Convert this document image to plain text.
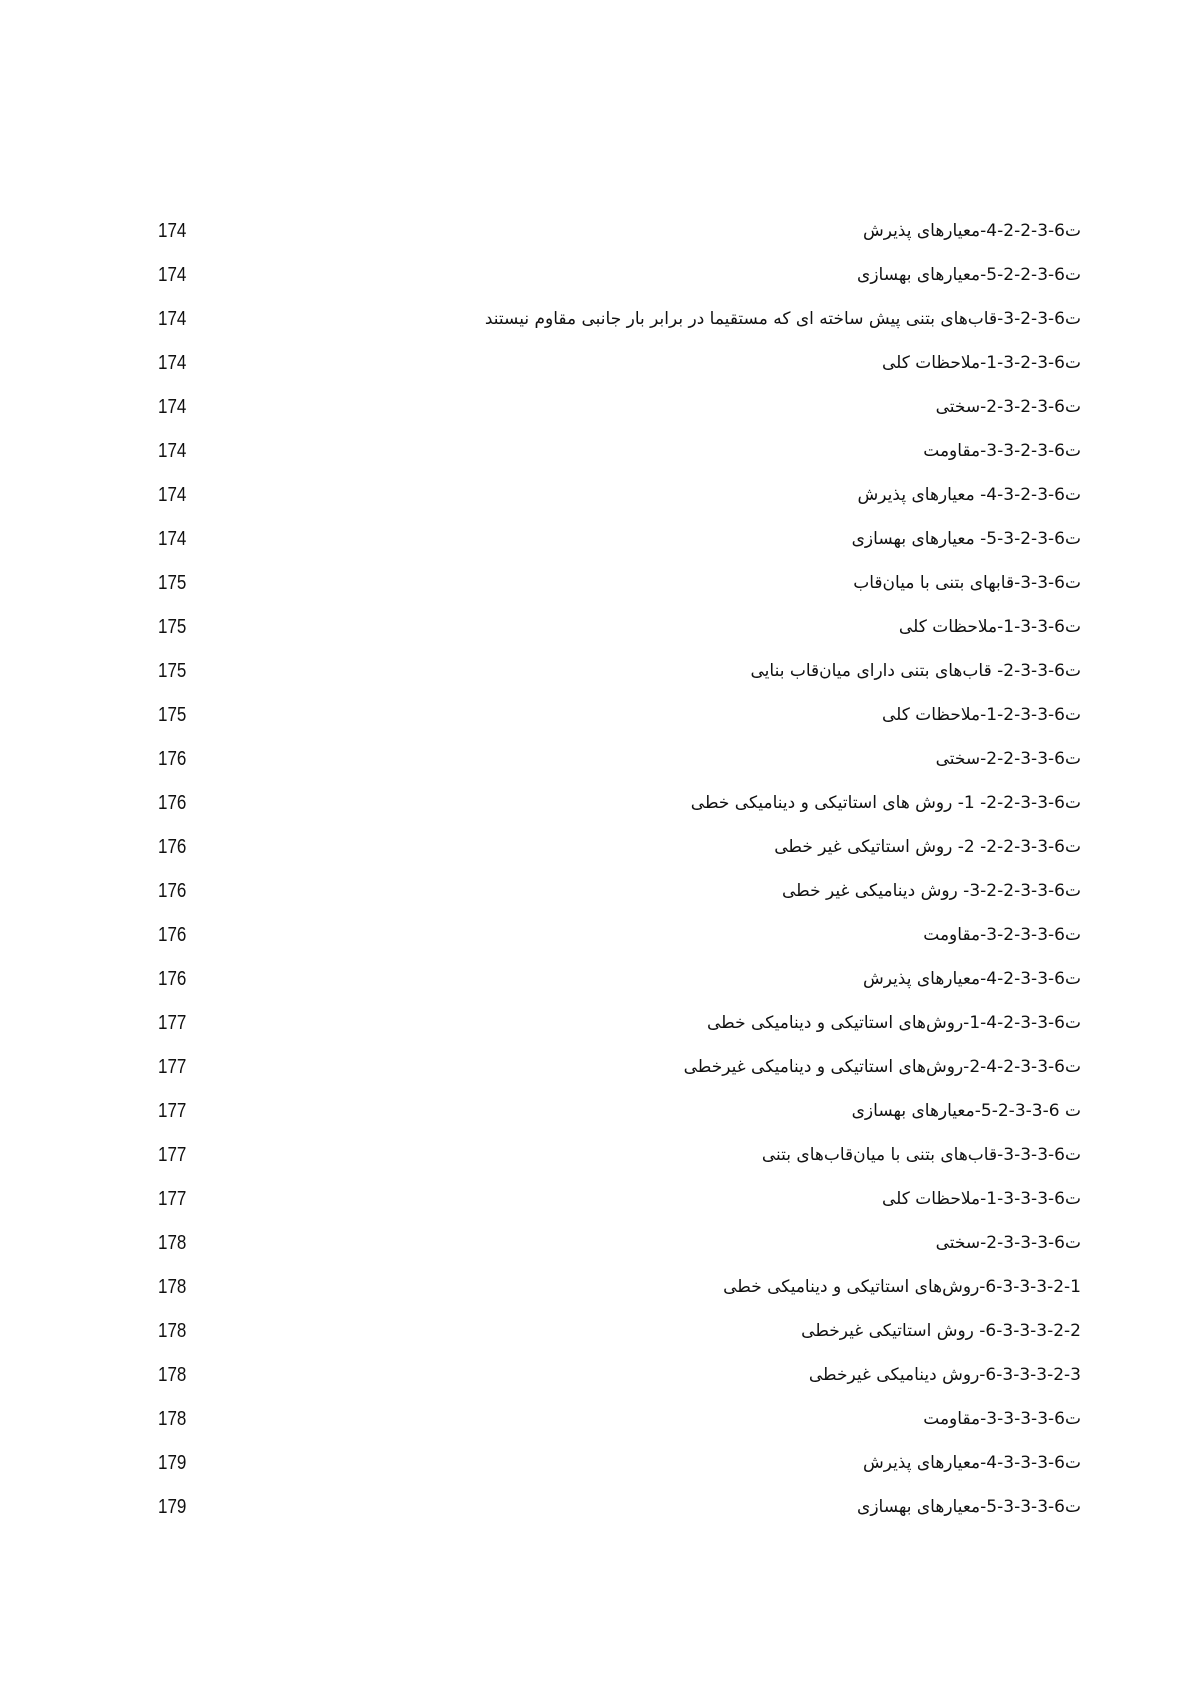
ت6-3-2-2-4-معیارهای پذیرش
174
ت6-3-2-2-5-معیارهای بهسازی
174
ت6-3-2-3-قاب‌های بتنی پیش ساخته ای که مستقیما در برابر بار جانبی مقاوم نیستند
174
ت6-3-2-3-1-ملاحظات کلی
174
ت6-3-2-3-2-سختی
174
ت6-3-2-3-3-مقاومت
174
ت6-3-2-3-4- معیارهای پذیرش
174
ت6-3-2-3-5- معیارهای بهسازی
174
ت6-3-3-قابهای بتنی با میان‌قاب
175
ت6-3-3-1-ملاحظات کلی
175
ت6-3-3-2- قاب‌های بتنی دارای میان‌قاب بنایی
175
ت6-3-3-2-1-ملاحظات کلی
175
ت6-3-3-2-2-سختی
176
ت6-3-3-2-2- 1- روش های استاتیکی و دینامیکی خطی
176
ت6-3-3-2-2- 2- روش استاتیکی غیر خطی
176
ت6-3-3-2-2-3- روش دینامیکی غیر خطی
176
ت6-3-3-2-3-مقاومت
176
ت6-3-3-2-4-معیارهای پذیرش
176
ت6-3-3-2-4-1-روش‌های استاتیکی و دینامیکی خطی
177
ت6-3-3-2-4-2-روش‌های استاتیکی و دینامیکی غیرخطی
177
ت 6-3-3-2-5-معیارهای بهسازی
177
ت6-3-3-3-قاب‌های بتنی با میان‌قاب‌های بتنی
177
ت6-3-3-3-1-ملاحظات کلی
177
ت6-3-3-3-2-سختی
178
6-3-3-3-2-1-روش‌های استاتیکی و دینامیکی خطی
178
6-3-3-3-2-2- روش استاتیکی غیرخطی
178
6-3-3-3-2-3-روش دینامیکی غیرخطی
178
ت6-3-3-3-3-مقاومت
178
ت6-3-3-3-4-معیارهای پذیرش
179
ت6-3-3-3-5-معیارهای بهسازی
179
